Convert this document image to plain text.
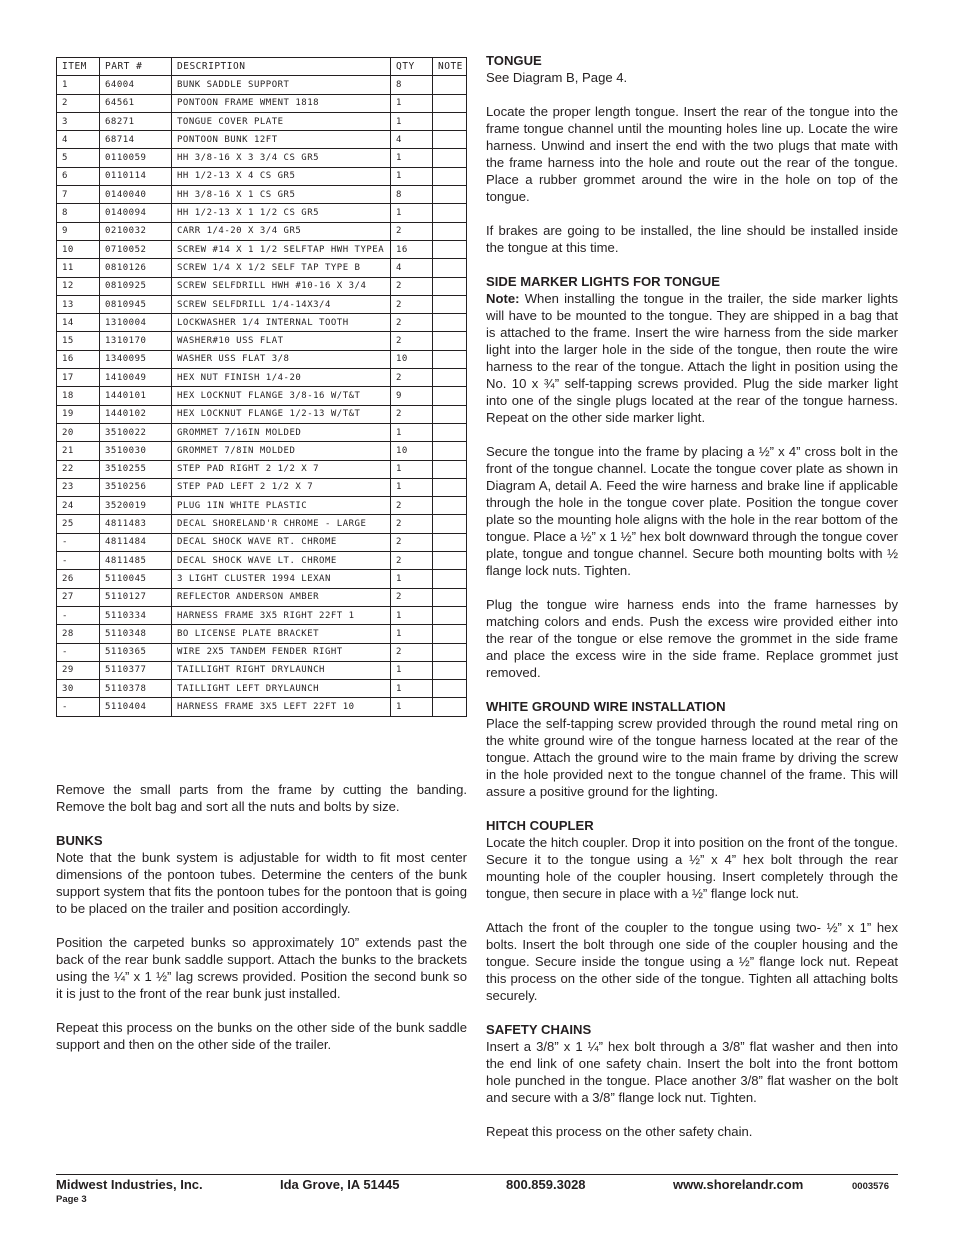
ITEM	PART #	DESCRIPTION	QTY	NOTE
1	64004	BUNK SADDLE SUPPORT	8	
2	64561	PONTOON FRAME WMENT 1818	1	
3	68271	TONGUE COVER PLATE	1	
4	68714	PONTOON BUNK 12FT	4	
5	0110059	HH 3/8-16 X 3 3/4 CS GR5	1	
6	0110114	HH 1/2-13 X 4 CS GR5	1	
7	0140040	HH 3/8-16 X 1 CS GR5	8	
8	0140094	HH 1/2-13 X 1 1/2 CS GR5	1	
9	0210032	CARR 1/4-20 X 3/4 GR5	2	
10	0710052	SCREW #14 X 1 1/2 SELFTAP HWH TYPEA	16	
11	0810126	SCREW 1/4 X 1/2 SELF TAP TYPE B	4	
12	0810925	SCREW SELFDRILL HWH #10-16 X 3/4	2	
13	0810945	SCREW SELFDRILL 1/4-14X3/4	2	
14	1310004	LOCKWASHER 1/4 INTERNAL TOOTH	2	
15	1310170	WASHER#10 USS FLAT	2	
16	1340095	WASHER USS FLAT 3/8	10	
17	1410049	HEX NUT FINISH 1/4-20	2	
18	1440101	HEX LOCKNUT FLANGE 3/8-16 W/T&T	9	
19	1440102	HEX LOCKNUT FLANGE 1/2-13 W/T&T	2	
20	3510022	GROMMET 7/16IN MOLDED	1	
21	3510030	GROMMET 7/8IN MOLDED	10	
22	3510255	STEP PAD RIGHT 2 1/2 X 7	1	
23	3510256	STEP PAD LEFT 2 1/2 X 7	1	
24	3520019	PLUG 1IN WHITE PLASTIC	2	
25	4811483	DECAL SHORELAND'R CHROME - LARGE	2	
-	4811484	DECAL SHOCK WAVE RT. CHROME	2	
-	4811485	DECAL SHOCK WAVE LT. CHROME	2	
26	5110045	3 LIGHT CLUSTER 1994 LEXAN	1	
27	5110127	REFLECTOR ANDERSON AMBER	2	
-	5110334	HARNESS FRAME 3X5 RIGHT 22FT 1	1	
28	5110348	BO LICENSE PLATE BRACKET	1	
-	5110365	WIRE 2X5 TANDEM FENDER RIGHT	2	
29	5110377	TAILLIGHT RIGHT DRYLAUNCH	1	
30	5110378	TAILLIGHT LEFT DRYLAUNCH	1	
-	5110404	HARNESS FRAME 3X5 LEFT 22FT 10	1	

Remove the small parts from the frame by cutting the banding. Remove the bolt bag and sort all the nuts and bolts by size.

BUNKS

Note that the bunk system is adjustable for width to fit most center dimensions of the pontoon tubes. Determine the centers of the bunk support system that fits the pontoon tubes for the pontoon that is going to be placed on the trailer and position accordingly.

Position the carpeted bunks so approximately 10” extends past the back of the rear bunk saddle support. Attach the bunks to the brackets using the ¼” x 1 ½” lag screws provided. Position the second bunk so it is just to the front of the rear bunk just installed.

Repeat this process on the bunks on the other side of the bunk saddle support and then on the other side of the trailer.

TONGUE

See Diagram B, Page 4.

Locate the proper length tongue. Insert the rear of the tongue into the frame tongue channel until the mounting holes line up. Locate the wire harness. Unwind and insert the end with the two plugs that mate with the frame harness into the hole and route out the rear of the tongue. Place a rubber grommet around the wire in the hole on top of the tongue.

If brakes are going to be installed, the line should be installed inside the tongue at this time.

SIDE MARKER LIGHTS FOR TONGUE

Note: When installing the tongue in the trailer, the side marker lights will have to be mounted to the tongue. They are shipped in a bag that is attached to the frame. Insert the wire harness from the side marker light into the larger hole in the side of the tongue, then route the wire harness to the rear of the tongue. Attach the light in position using the No. 10 x ¾” self-tapping screws provided. Plug the side marker light into one of the single plugs located at the rear of the tongue harness. Repeat on the other side marker light.

Secure the tongue into the frame by placing a ½” x 4” cross bolt in the front of the tongue channel. Locate the tongue cover plate as shown in Diagram A, detail A. Feed the wire harness and brake line if applicable through the hole in the tongue cover plate. Position the tongue cover plate so the mounting hole aligns with the hole in the rear bottom of the tongue. Place a ½” x 1 ½” hex bolt downward through the tongue cover plate, tongue and tongue channel. Secure both mounting bolts with ½ flange lock nuts. Tighten.

Plug the tongue wire harness ends into the frame harnesses by matching colors and ends. Push the excess wire provided either into the rear of the tongue or else remove the grommet in the side frame and place the excess wire in the side frame. Replace grommet just removed.

WHITE GROUND WIRE INSTALLATION

Place the self-tapping screw provided through the round metal ring on the white ground wire of the tongue harness located at the rear of the tongue. Attach the ground wire to the main frame by driving the screw in the hole provided next to the tongue channel of the frame. This will assure a positive ground for the lighting.

HITCH COUPLER

Locate the hitch coupler. Drop it into position on the front of the tongue. Secure it to the tongue using a ½” x 4” hex bolt through the rear mounting hole of the coupler housing. Insert completely through the tongue, then secure in place with a ½” flange lock nut.

Attach the front of the coupler to the tongue using two- ½” x 1” hex bolts. Insert the bolt through one side of the coupler housing and the tongue. Secure inside the tongue using a ½” flange lock nut. Repeat this process on the other side of the tongue. Tighten all attaching bolts securely.

SAFETY CHAINS

Insert a 3/8” x 1 ¼” hex bolt through a 3/8” flat washer and then into the end link of one safety chain. Insert the bolt into the front bottom hole punched in the tongue. Place another 3/8” flat washer on the bolt and secure with a 3/8” flange lock nut. Tighten.

Repeat this process on the other safety chain.

Midwest Industries, Inc.	Ida Grove, IA 51445	800.859.3028	www.shorelandr.com	0003576
Page 3
